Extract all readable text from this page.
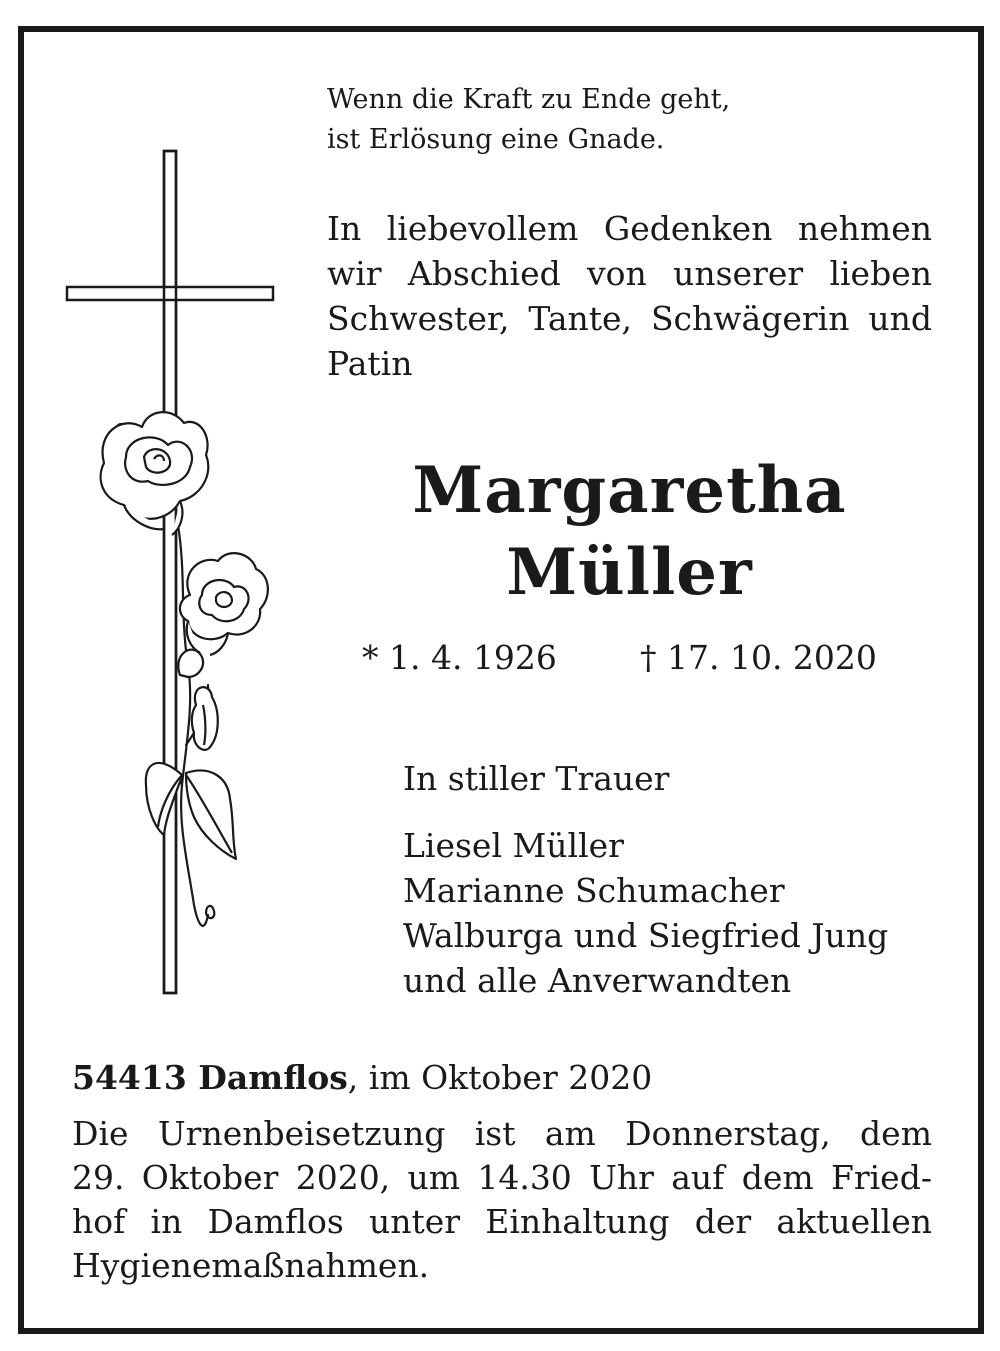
Wenn die Kraft zu Ende geht,
ist Erlösung eine Gnade.
In liebevollem Gedenken nehmen
wir Abschied von unserer lieben
Schwester, Tante, Schwägerin und
Patin
Margaretha
Müller
* 1. 4. 1926	† 17. 10. 2020
In stiller Trauer
Liesel Müller
Marianne Schumacher
Walburga und Siegfried Jung
und alle Anverwandten
54413 Damflos, im Oktober 2020
Die Urnenbeisetzung ist am Donnerstag, dem
29. Oktober 2020, um 14.30 Uhr auf dem Fried-
hof in Damflos unter Einhaltung der aktuellen
Hygienemaßnahmen.
